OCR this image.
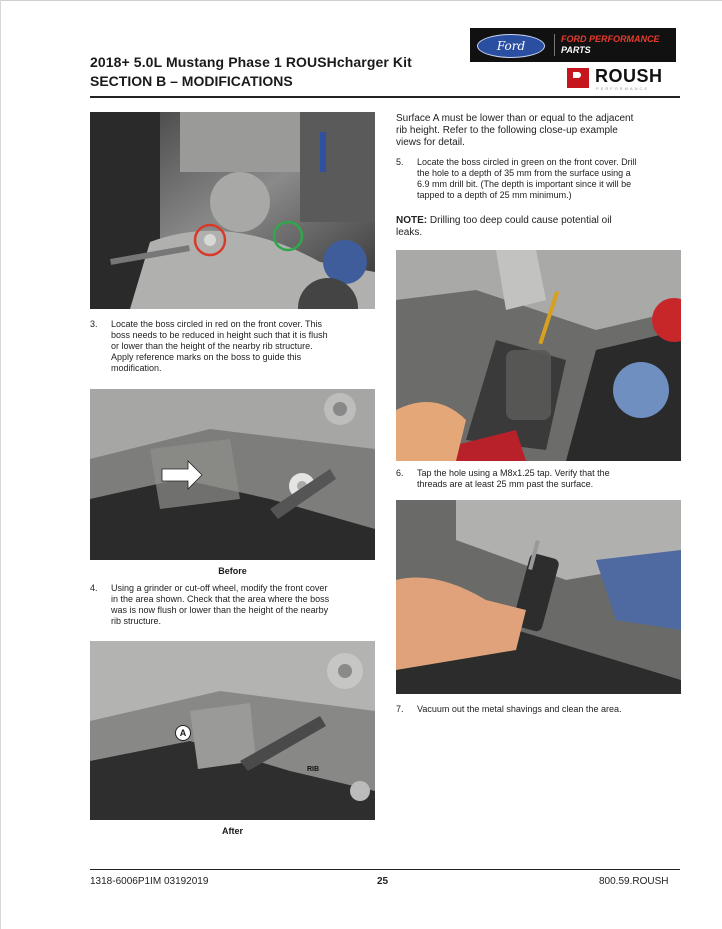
2018+ 5.0L Mustang Phase 1 ROUSHcharger Kit
SECTION B – MODIFICATIONS
Ford	FORD PERFORMANCE
PARTS
ROUSH
PERFORMANCE
3. Locate the boss circled in red on the front cover. This
boss needs to be reduced in height such that it is flush
or lower than the height of the nearby rib structure.
Apply reference marks on the boss to guide this
modification.
Before
4. Using a grinder or cut-off wheel, modify the front cover
in the area shown. Check that the area where the boss
was is now flush or lower than the height of the nearby
rib structure.
A
RIB
After
Surface A must be lower than or equal to the adjacent
rib height. Refer to the following close-up example
views for detail.
5. Locate the boss circled in green on the front cover. Drill
the hole to a depth of 35 mm from the surface using a
6.9 mm drill bit. (The depth is important since it will be
tapped to a depth of 25 mm minimum.)
NOTE: Drilling too deep could cause potential oil
leaks.
6. Tap the hole using a M8x1.25 tap. Verify that the
threads are at least 25 mm past the surface.
7. Vacuum out the metal shavings and clean the area.
1318-6006P1IM 03192019	25	800.59.ROUSH
